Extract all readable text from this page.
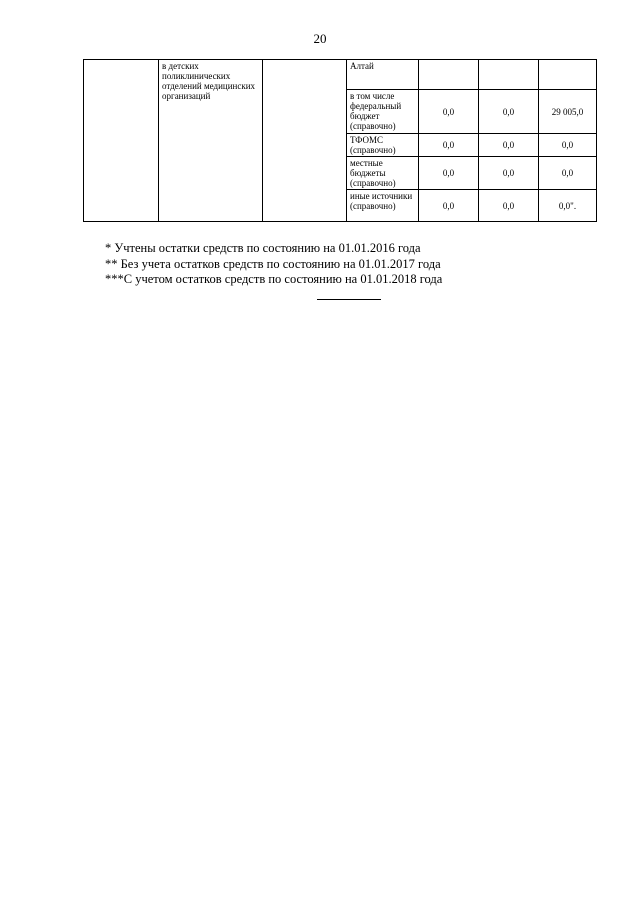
20
	в детских поликлинических отделений медицинских организаций		Алтай			
			в том числе федеральный бюджет (справочно)	0,0	0,0	29 005,0
			ТФОМС (справочно)	0,0	0,0	0,0
			местные бюджеты (справочно)	0,0	0,0	0,0
			иные источники (справочно)	0,0	0,0	0,0".
* Учтены остатки средств по состоянию на 01.01.2016 года
** Без учета остатков средств по состоянию на 01.01.2017 года
***С учетом остатков средств по состоянию на 01.01.2018 года
